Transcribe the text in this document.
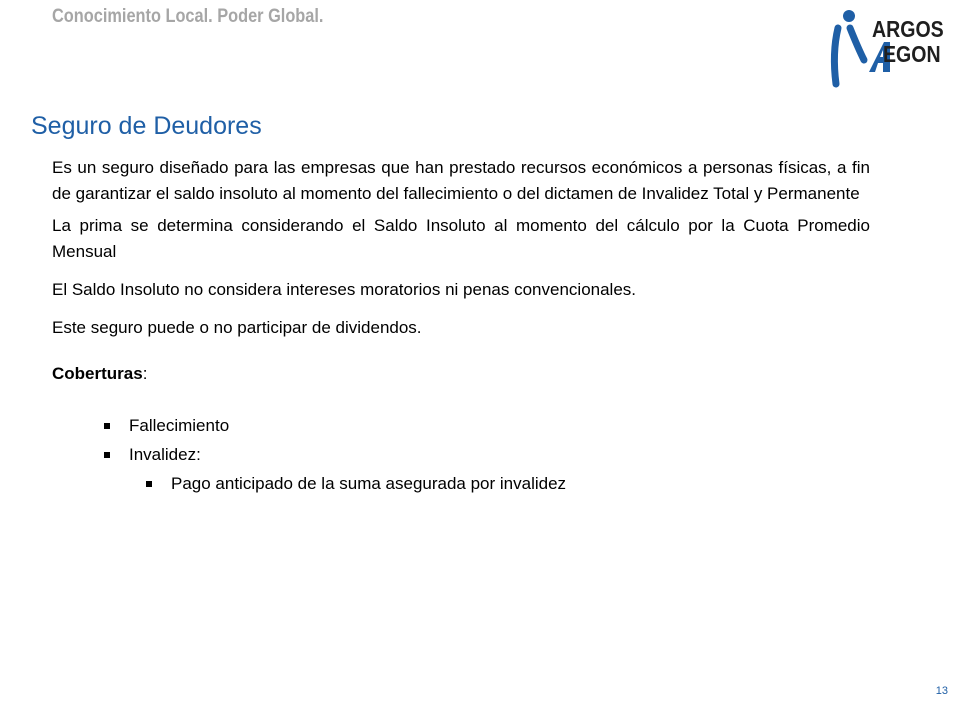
Conocimiento Local. Poder Global.	ARGOS
EGON
Seguro de Deudores

Es un seguro diseñado para las empresas que han prestado recursos económicos a personas físicas, a fin de garantizar el saldo insoluto al momento del fallecimiento o del dictamen de Invalidez Total y Permanente

La prima se determina considerando el Saldo Insoluto al momento del cálculo por la Cuota Promedio Mensual

El Saldo Insoluto no considera intereses moratorios ni penas convencionales.

Este seguro puede o no participar de dividendos.

Coberturas:

Fallecimiento
Invalidez:
Pago anticipado de la suma asegurada por invalidez
13
